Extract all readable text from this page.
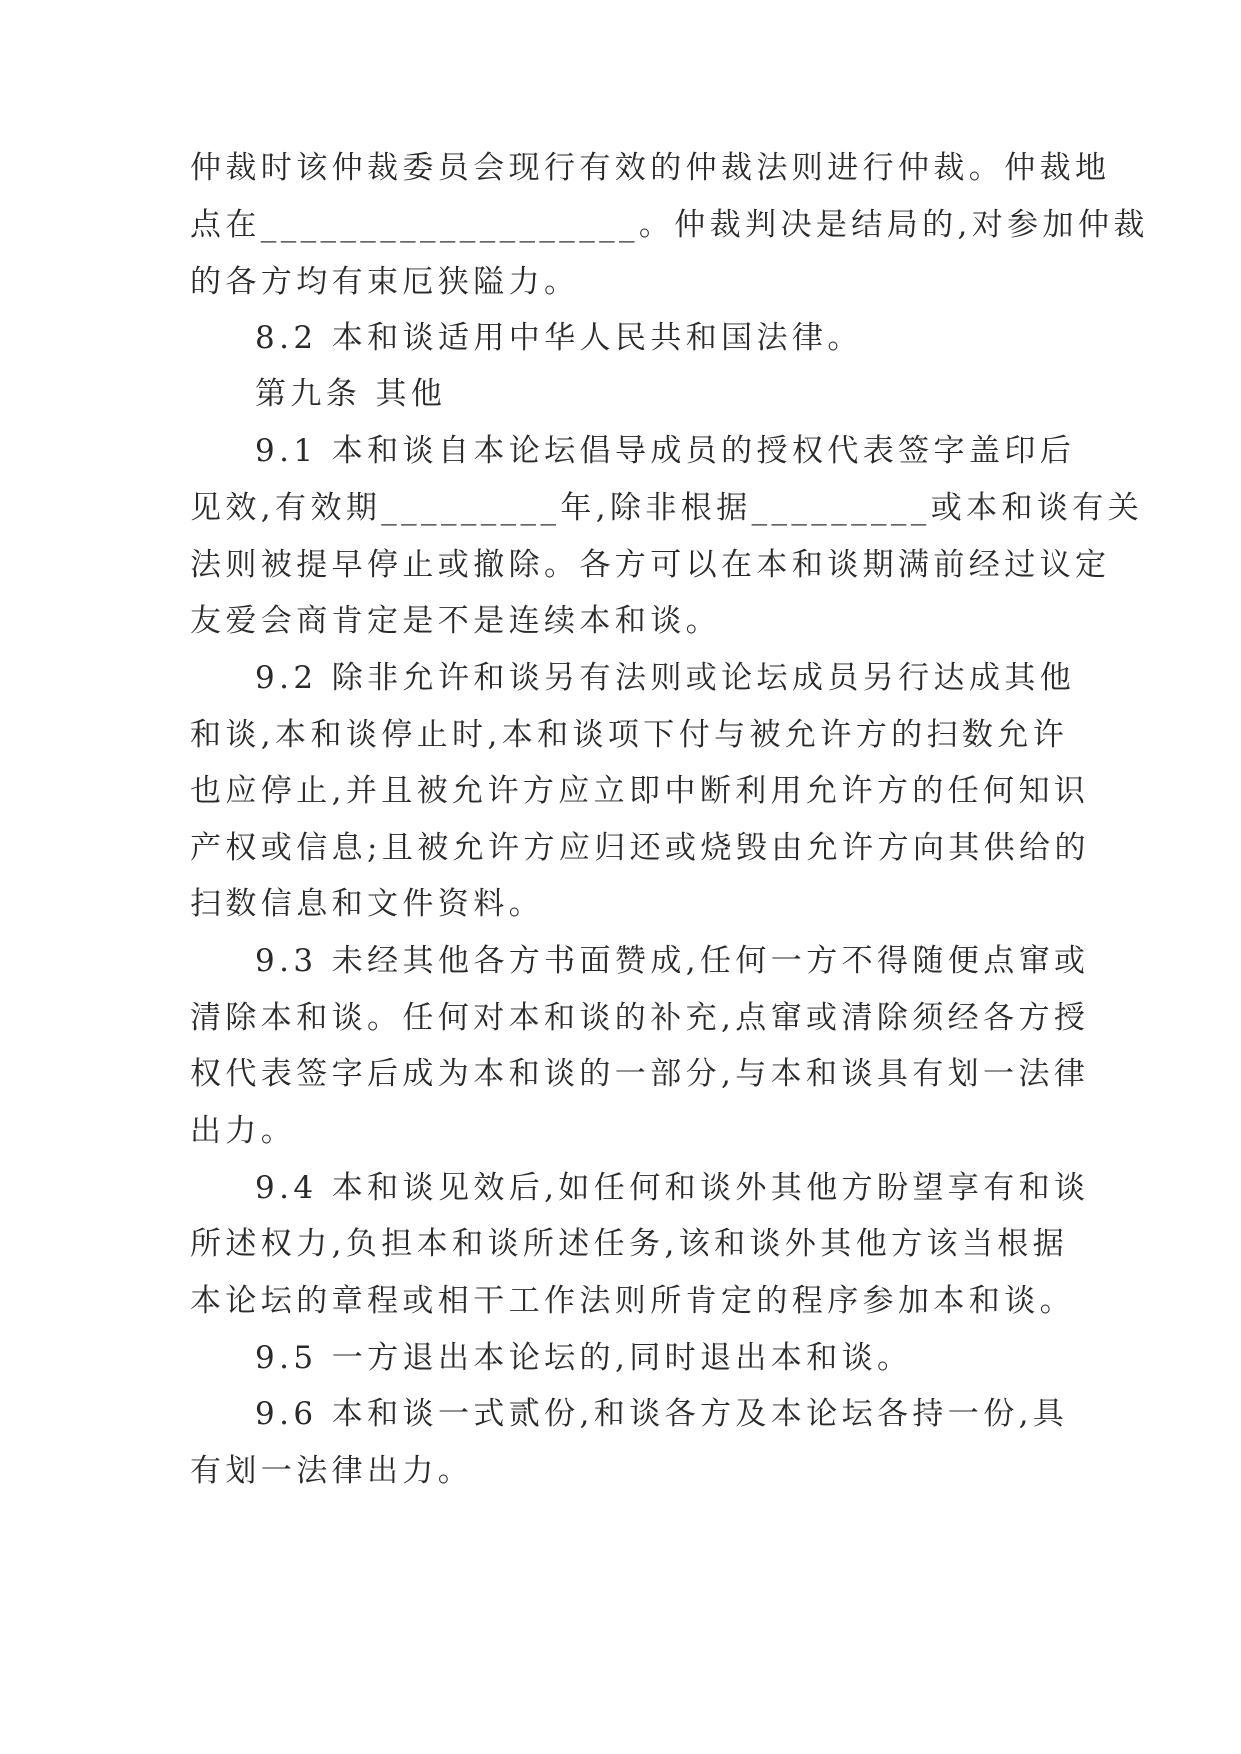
仲裁时该仲裁委员会现行有效的仲裁法则进行仲裁。仲裁地
点在___________________。仲裁判决是结局的,对参加仲裁
的各方均有束厄狭隘力。
8.2 本和谈适用中华人民共和国法律。
第九条 其他
9.1 本和谈自本论坛倡导成员的授权代表签字盖印后
见效,有效期_________年,除非根据_________或本和谈有关
法则被提早停止或撤除。各方可以在本和谈期满前经过议定
友爱会商肯定是不是连续本和谈。
9.2 除非允许和谈另有法则或论坛成员另行达成其他
和谈,本和谈停止时,本和谈项下付与被允许方的扫数允许
也应停止,并且被允许方应立即中断利用允许方的任何知识
产权或信息;且被允许方应归还或烧毁由允许方向其供给的
扫数信息和文件资料。
9.3 未经其他各方书面赞成,任何一方不得随便点窜或
清除本和谈。任何对本和谈的补充,点窜或清除须经各方授
权代表签字后成为本和谈的一部分,与本和谈具有划一法律
出力。
9.4 本和谈见效后,如任何和谈外其他方盼望享有和谈
所述权力,负担本和谈所述任务,该和谈外其他方该当根据
本论坛的章程或相干工作法则所肯定的程序参加本和谈。
9.5 一方退出本论坛的,同时退出本和谈。
9.6 本和谈一式贰份,和谈各方及本论坛各持一份,具
有划一法律出力。
